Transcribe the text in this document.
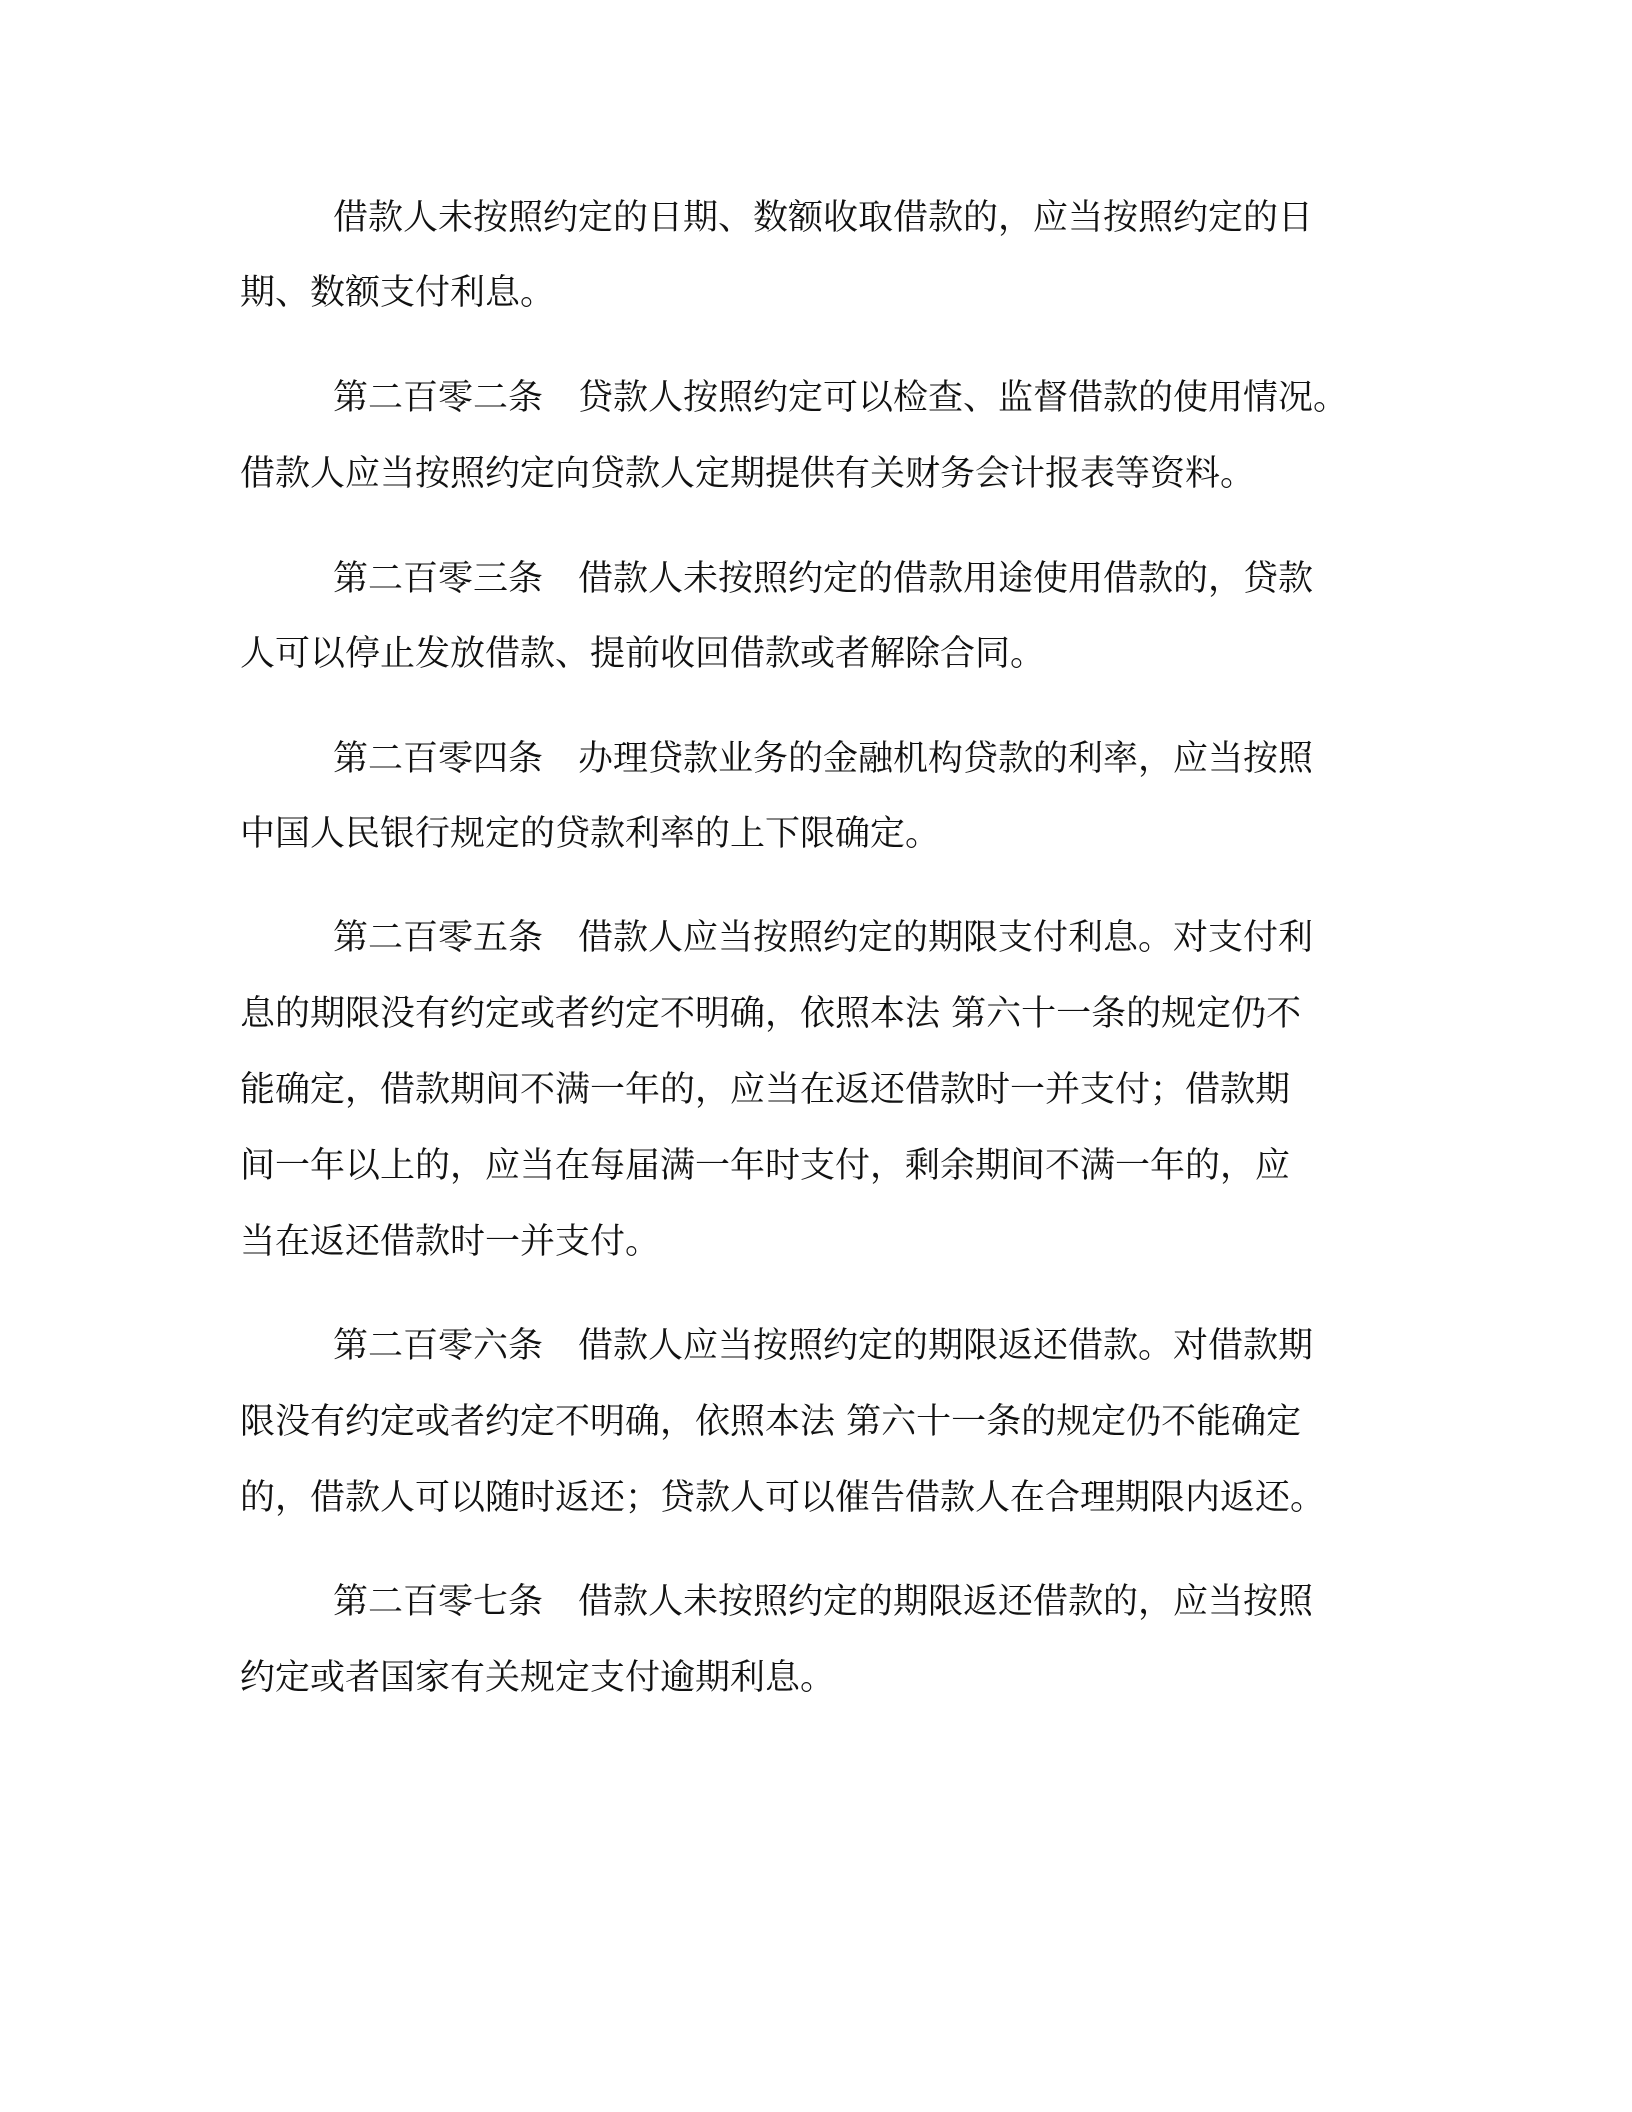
借款人未按照约定的日期、数额收取借款的，应当按照约定的日
期、数额支付利息。
第二百零二条　贷款人按照约定可以检查、监督借款的使用情况。
借款人应当按照约定向贷款人定期提供有关财务会计报表等资料。
第二百零三条　借款人未按照约定的借款用途使用借款的，贷款
人可以停止发放借款、提前收回借款或者解除合同。
第二百零四条　办理贷款业务的金融机构贷款的利率，应当按照
中国人民银行规定的贷款利率的上下限确定。
第二百零五条　借款人应当按照约定的期限支付利息。对支付利
息的期限没有约定或者约定不明确，依照本法 第六十一条的规定仍不
能确定，借款期间不满一年的，应当在返还借款时一并支付；借款期
间一年以上的，应当在每届满一年时支付，剩余期间不满一年的，应
当在返还借款时一并支付。
第二百零六条　借款人应当按照约定的期限返还借款。对借款期
限没有约定或者约定不明确，依照本法 第六十一条的规定仍不能确定
的，借款人可以随时返还；贷款人可以催告借款人在合理期限内返还。
第二百零七条　借款人未按照约定的期限返还借款的，应当按照
约定或者国家有关规定支付逾期利息。
